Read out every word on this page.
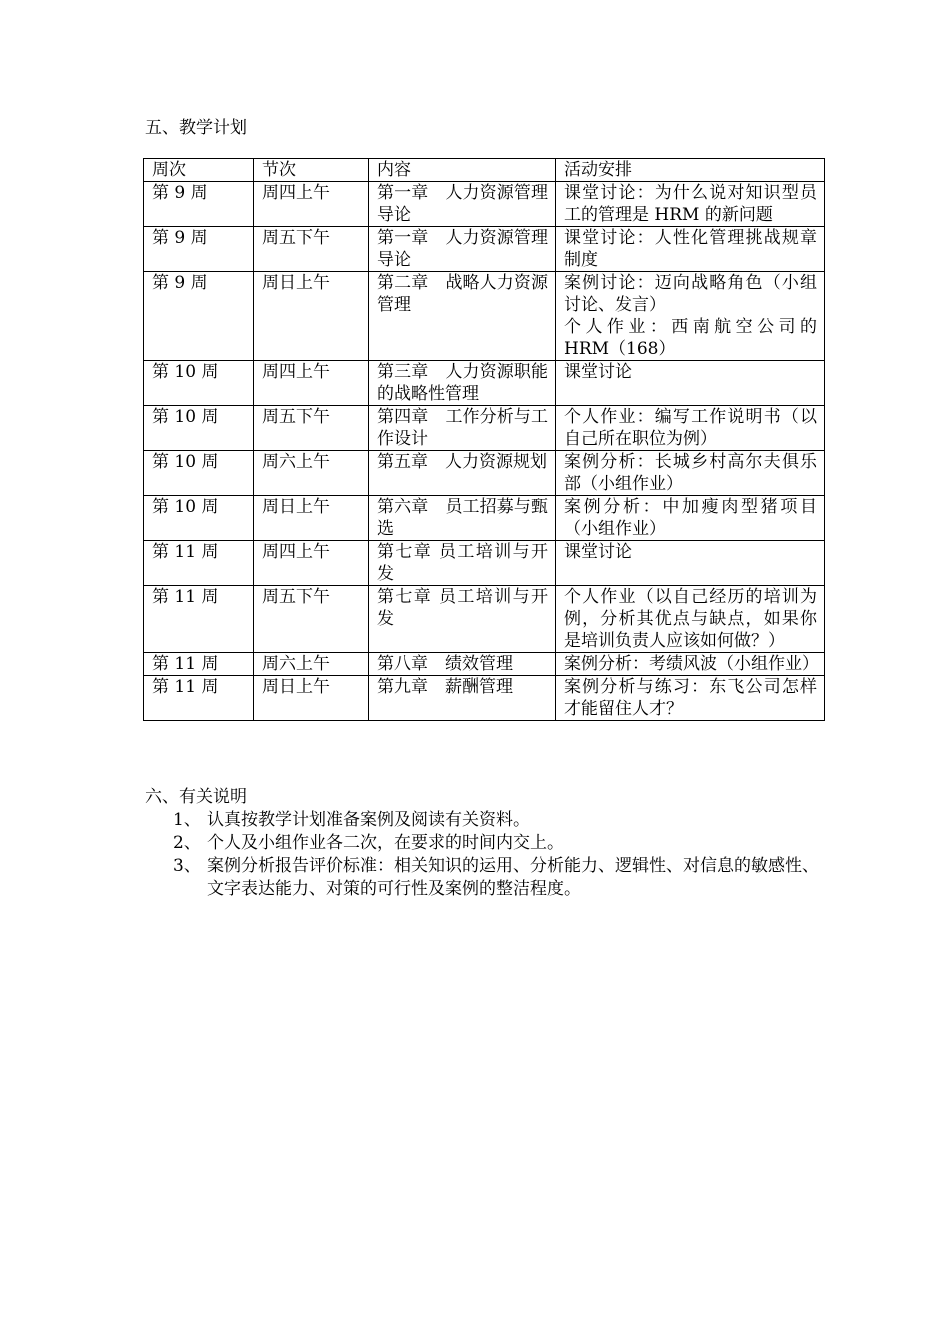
五、教学计划
周次	节次	内容	活动安排
第 9 周	周四上午	第一章　人力资源管理导论	课堂讨论：为什么说对知识型员工的管理是 HRM 的新问题

第 9 周	周五下午	第一章　人力资源管理导论	课堂讨论：人性化管理挑战规章制度

第 9 周	周日上午	第二章　战略人力资源管理	案例讨论：迈向战略角色（小组讨论、发言）
个人作业：西南航空公司的 HRM（168）

第 10 周	周四上午	第三章　人力资源职能的战略性管理	课堂讨论

第 10 周	周五下午	第四章　工作分析与工作设计	个人作业：编写工作说明书（以自己所在职位为例）

第 10 周	周六上午	第五章　人力资源规划	案例分析：长城乡村高尔夫俱乐部（小组作业）

第 10 周	周日上午	第六章　员工招募与甄选	案例分析：中加瘦肉型猪项目（小组作业）

第 11 周	周四上午	第七章 员工培训与开发	课堂讨论

第 11 周	周五下午	第七章 员工培训与开发	个人作业（以自己经历的培训为例，分析其优点与缺点，如果你是培训负责人应该如何做？）

第 11 周	周六上午	第八章　绩效管理	案例分析：考绩风波（小组作业）

第 11 周	周日上午	第九章　薪酬管理	案例分析与练习：东飞公司怎样才能留住人才？
六、有关说明
1、 认真按教学计划准备案例及阅读有关资料。
2、 个人及小组作业各二次，在要求的时间内交上。
3、 案例分析报告评价标准：相关知识的运用、分析能力、逻辑性、对信息的敏感性、文字表达能力、对策的可行性及案例的整洁程度。
